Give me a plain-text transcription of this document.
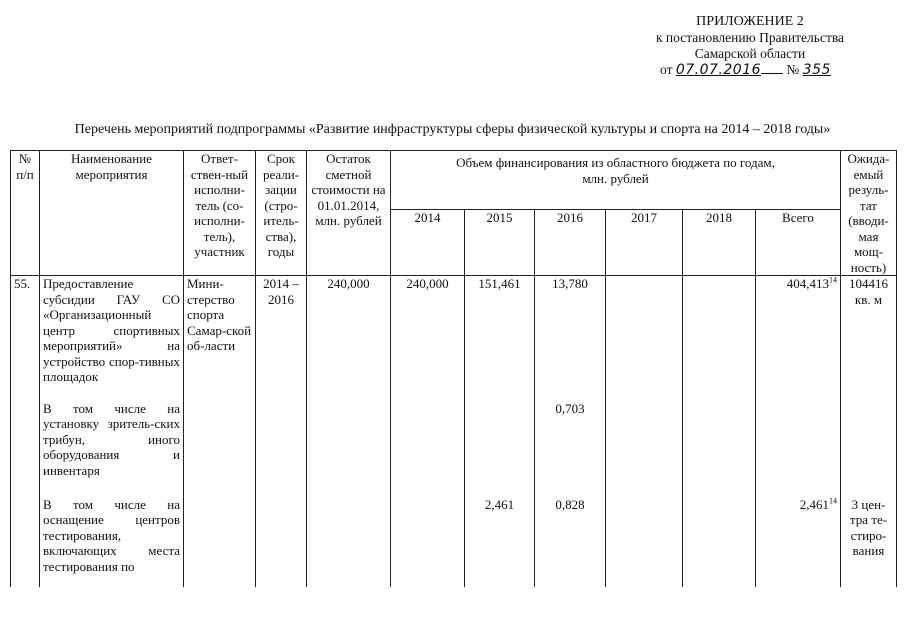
ПРИЛОЖЕНИЕ 2
к постановлению Правительства
Самарской области
от 07.07.2016 № 355
Перечень мероприятий подпрограммы «Развитие инфраструктуры сферы физической культуры и спорта на 2014 – 2018 годы»
№ п/п	Наименование мероприятия	Ответ-ствен-ный исполни-тель (со-исполни-тель), участник	Срок реали-зации (стро-итель-ства), годы	Остаток сметной стоимости на 01.01.2014, млн. рублей	Объем финансирования из областного бюджета по годам, млн. рублей						Ожида-емый резуль-тат (вводи-мая мощ-ность)
					2014	2015	2016	2017	2018	Всего	
55.	Предоставление субсидии ГАУ СО «Организационный центр спортивных мероприятий» на устройство спор-тивных площадок	Мини-стерство спорта Самар-ской об-ласти	2014 – 2016	240,000	240,000	151,461	13,780			404,413$^{14}$	104416 кв. м
	В том числе на установку зритель-ских трибун, иного оборудования и инвентаря						0,703				
	В том числе на оснащение центров тестирования, включающих места тестирования по					2,461	0,828			2,461$^{14}$	3 цен-тра те-стиро-вания
